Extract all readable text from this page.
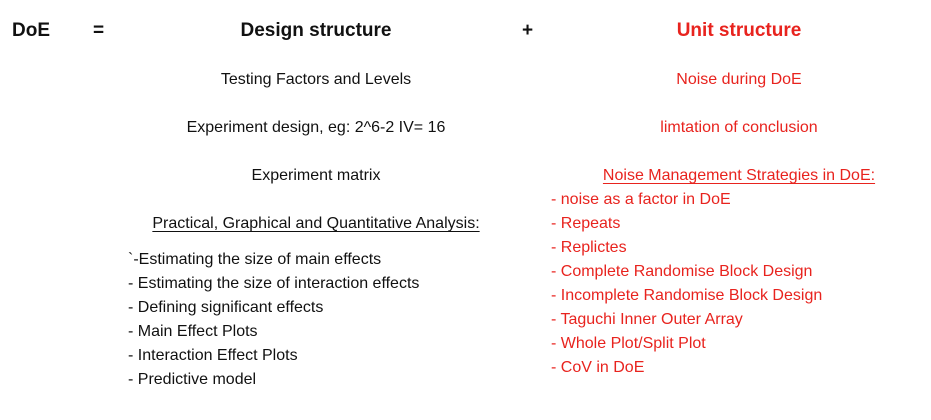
DoE =	Design structure	+	Unit structure
Testing Factors and Levels
Experiment design, eg: 2^6-2 IV= 16
Experiment matrix
Practical, Graphical and Quantitative Analysis:
`-Estimating the size of main effects
- Estimating the size of interaction effects
- Defining significant effects
- Main Effect Plots
- Interaction Effect Plots
- Predictive model
Noise during DoE
limtation of conclusion
Noise Management Strategies in DoE:
- noise as a factor in DoE
- Repeats
- Replictes
- Complete Randomise Block Design
- Incomplete Randomise Block Design
- Taguchi Inner Outer Array
- Whole Plot/Split Plot
- CoV in DoE
